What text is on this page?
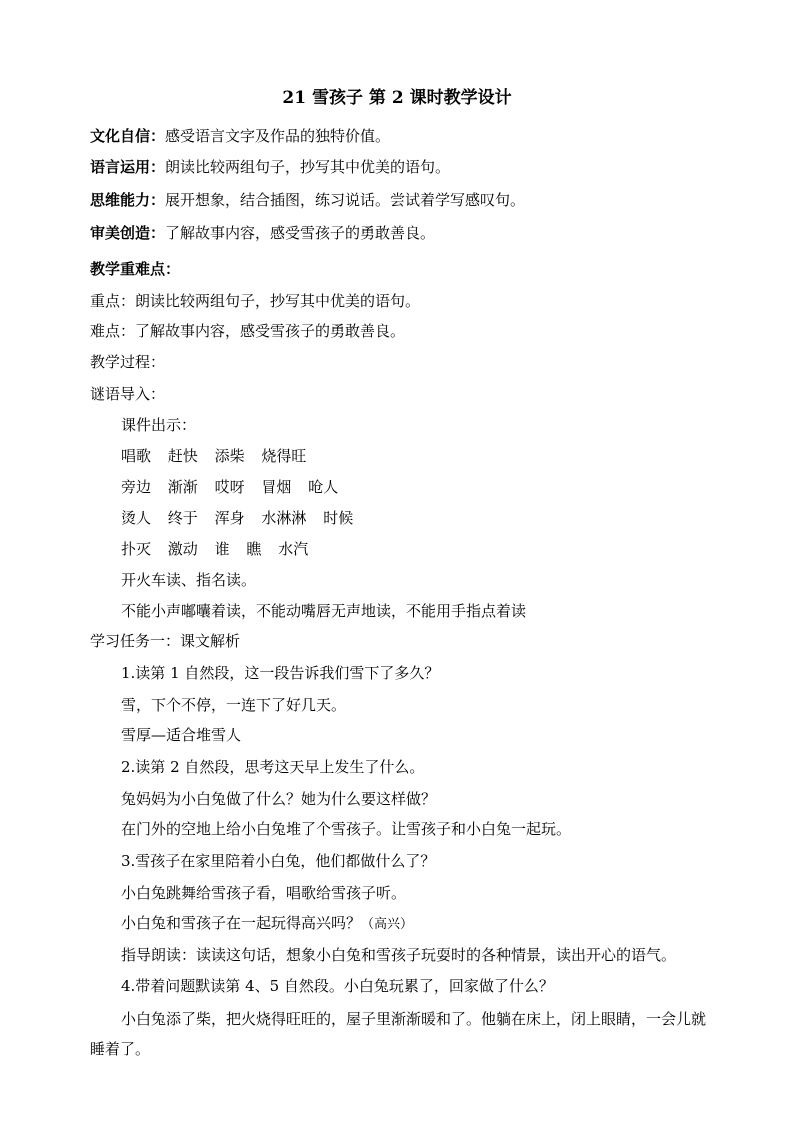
21 雪孩子 第 2 课时教学设计
文化自信：感受语言文字及作品的独特价值。
语言运用：朗读比较两组句子，抄写其中优美的语句。
思维能力：展开想象，结合插图，练习说话。尝试着学写感叹句。
审美创造：了解故事内容，感受雪孩子的勇敢善良。
教学重难点：
重点：朗读比较两组句子，抄写其中优美的语句。
难点：了解故事内容，感受雪孩子的勇敢善良。
教学过程：
谜语导入：
课件出示：
唱歌 赶快 添柴 烧得旺
旁边 渐渐 哎呀 冒烟 呛人
烫人 终于 浑身 水淋淋 时候
扑灭 激动 谁 瞧 水汽
开火车读、指名读。
不能小声嘟囔着读，不能动嘴唇无声地读，不能用手指点着读
学习任务一：课文解析
1.读第 1 自然段，这一段告诉我们雪下了多久？
雪，下个不停，一连下了好几天。
雪厚—适合堆雪人
2.读第 2 自然段，思考这天早上发生了什么。
兔妈妈为小白兔做了什么？她为什么要这样做？
在门外的空地上给小白兔堆了个雪孩子。让雪孩子和小白兔一起玩。
3.雪孩子在家里陪着小白兔，他们都做什么了？
小白兔跳舞给雪孩子看，唱歌给雪孩子听。
小白兔和雪孩子在一起玩得高兴吗？（高兴）
指导朗读：读读这句话，想象小白兔和雪孩子玩耍时的各种情景，读出开心的语气。
4.带着问题默读第 4、5 自然段。小白兔玩累了，回家做了什么？
小白兔添了柴，把火烧得旺旺的，屋子里渐渐暖和了。他躺在床上，闭上眼睛，一会儿就睡着了。
